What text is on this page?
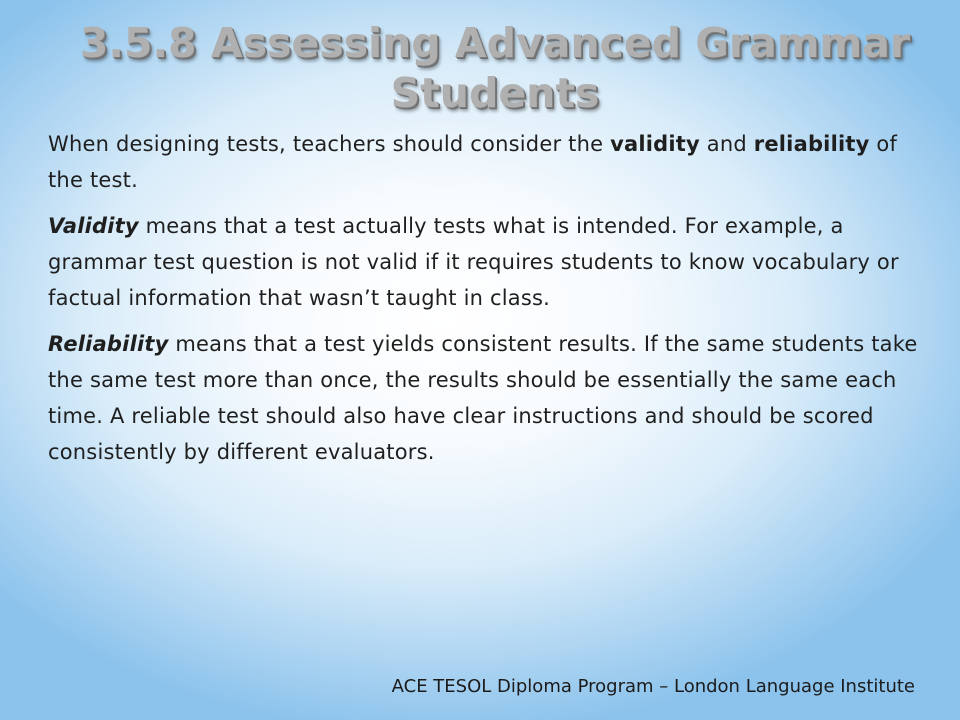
3.5.8 Assessing Advanced Grammar Students

When designing tests, teachers should consider the validity and reliability of the test.

Validity means that a test actually tests what is intended. For example, a grammar test question is not valid if it requires students to know vocabulary or factual information that wasn’t taught in class.

Reliability means that a test yields consistent results. If the same students take the same test more than once, the results should be essentially the same each time. A reliable test should also have clear instructions and should be scored consistently by different evaluators.

ACE TESOL Diploma Program – London Language Institute
